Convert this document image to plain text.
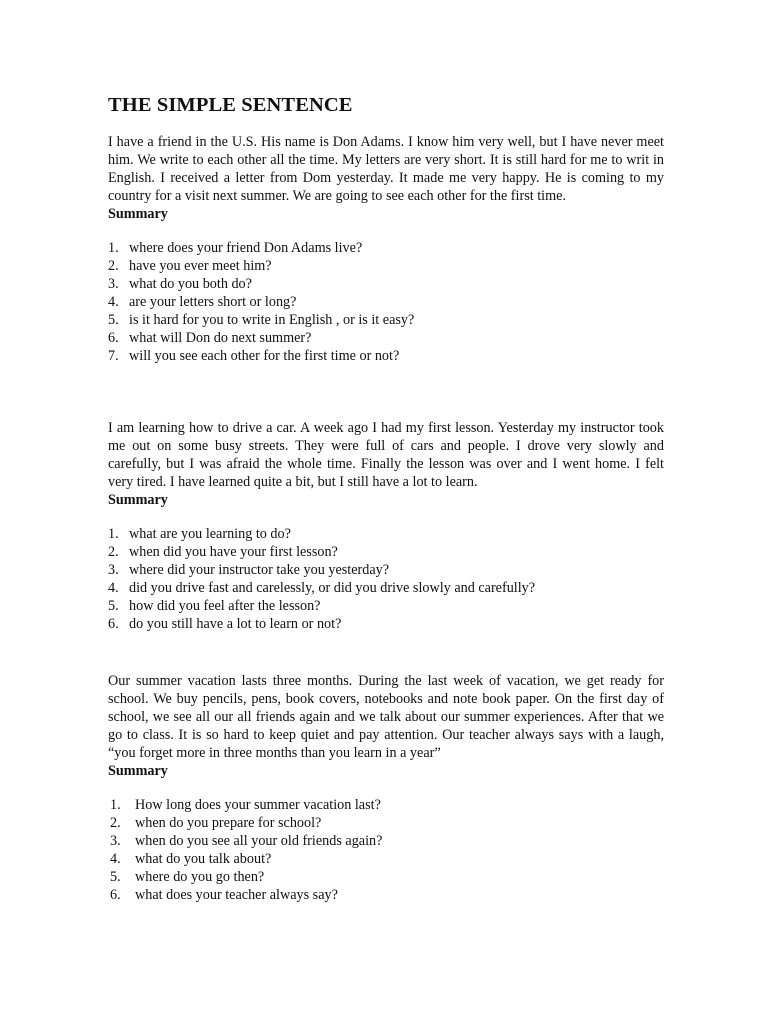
THE SIMPLE SENTENCE

I have a friend in the U.S. His name is Don Adams. I know him very well, but I have never meet him. We write to each other all the time. My letters are very short. It is still hard for me to writ in English. I received a letter from Dom yesterday. It made me very happy. He is coming to my country for a visit next summer. We are going to see each other for the first time.

Summary

1. where does your friend Don Adams live?
2. have you ever meet him?
3. what do you both do?
4. are your letters short or long?
5. is it hard for you to write in English , or is it easy?
6. what will Don do next summer?
7. will you see each other for the first time or not?

I am learning how to drive a car. A week ago I had my first lesson. Yesterday my instructor took me out on some busy streets. They were full of cars and people. I drove very slowly and carefully, but I was afraid the whole time. Finally the lesson was over and I went home. I felt very tired. I have learned quite a bit, but I still have a lot to learn.

Summary

1. what are you learning to do?
2. when did you have your first lesson?
3. where did your instructor take you yesterday?
4. did you drive fast and carelessly, or did you drive slowly and carefully?
5. how did you feel after the lesson?
6. do you still have a lot to learn or not?

Our summer vacation lasts three months. During the last week of vacation, we get ready for school. We buy pencils, pens, book covers, notebooks and note book paper. On the first day of school, we see all our all friends again and we talk about our summer experiences. After that we go to class. It is so hard to keep quiet and pay attention. Our teacher always says with a laugh, “you forget more in three months than you learn in a year”

Summary

1.	How long does your summer vacation last?
2.	when do you prepare for school?
3.	when do you see all your old friends again?
4.	what do you talk about?
5.	where do you go then?
6.	what does your teacher always say?
